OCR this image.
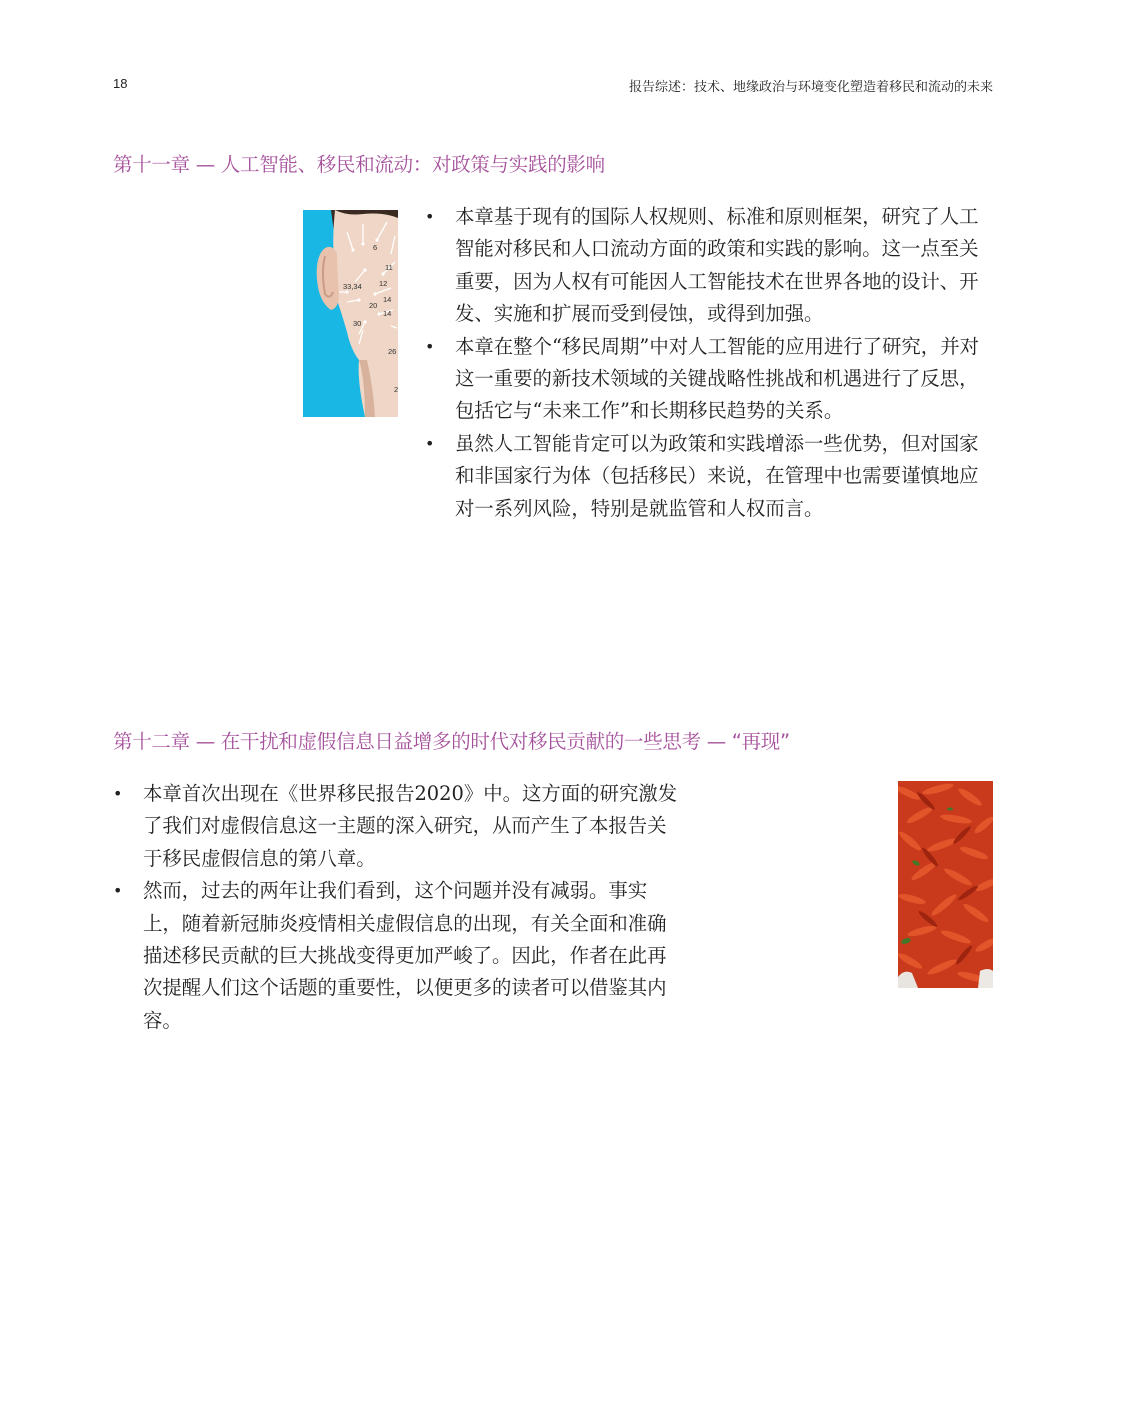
18	报告综述：技术、地缘政治与环境变化塑造着移民和流动的未来
第十一章 — 人工智能、移民和流动：对政策与实践的影响
6
11
12
33,34
14
20
14
30
26
2
• 本章基于现有的国际人权规则、标准和原则框架，研究了人工智能对移民和人口流动方面的政策和实践的影响。这一点至关重要，因为人权有可能因人工智能技术在世界各地的设计、开发、实施和扩展而受到侵蚀，或得到加强。
• 本章在整个“移民周期”中对人工智能的应用进行了研究，并对这一重要的新技术领域的关键战略性挑战和机遇进行了反思，包括它与“未来工作”和长期移民趋势的关系。
• 虽然人工智能肯定可以为政策和实践增添一些优势，但对国家和非国家行为体（包括移民）来说，在管理中也需要谨慎地应对一系列风险，特别是就监管和人权而言。
第十二章 — 在干扰和虚假信息日益增多的时代对移民贡献的一些思考 — “再现”
• 本章首次出现在《世界移民报告2020》中。这方面的研究激发了我们对虚假信息这一主题的深入研究，从而产生了本报告关于移民虚假信息的第八章。
• 然而，过去的两年让我们看到，这个问题并没有减弱。事实上，随着新冠肺炎疫情相关虚假信息的出现，有关全面和准确描述移民贡献的巨大挑战变得更加严峻了。因此，作者在此再次提醒人们这个话题的重要性，以便更多的读者可以借鉴其内容。
